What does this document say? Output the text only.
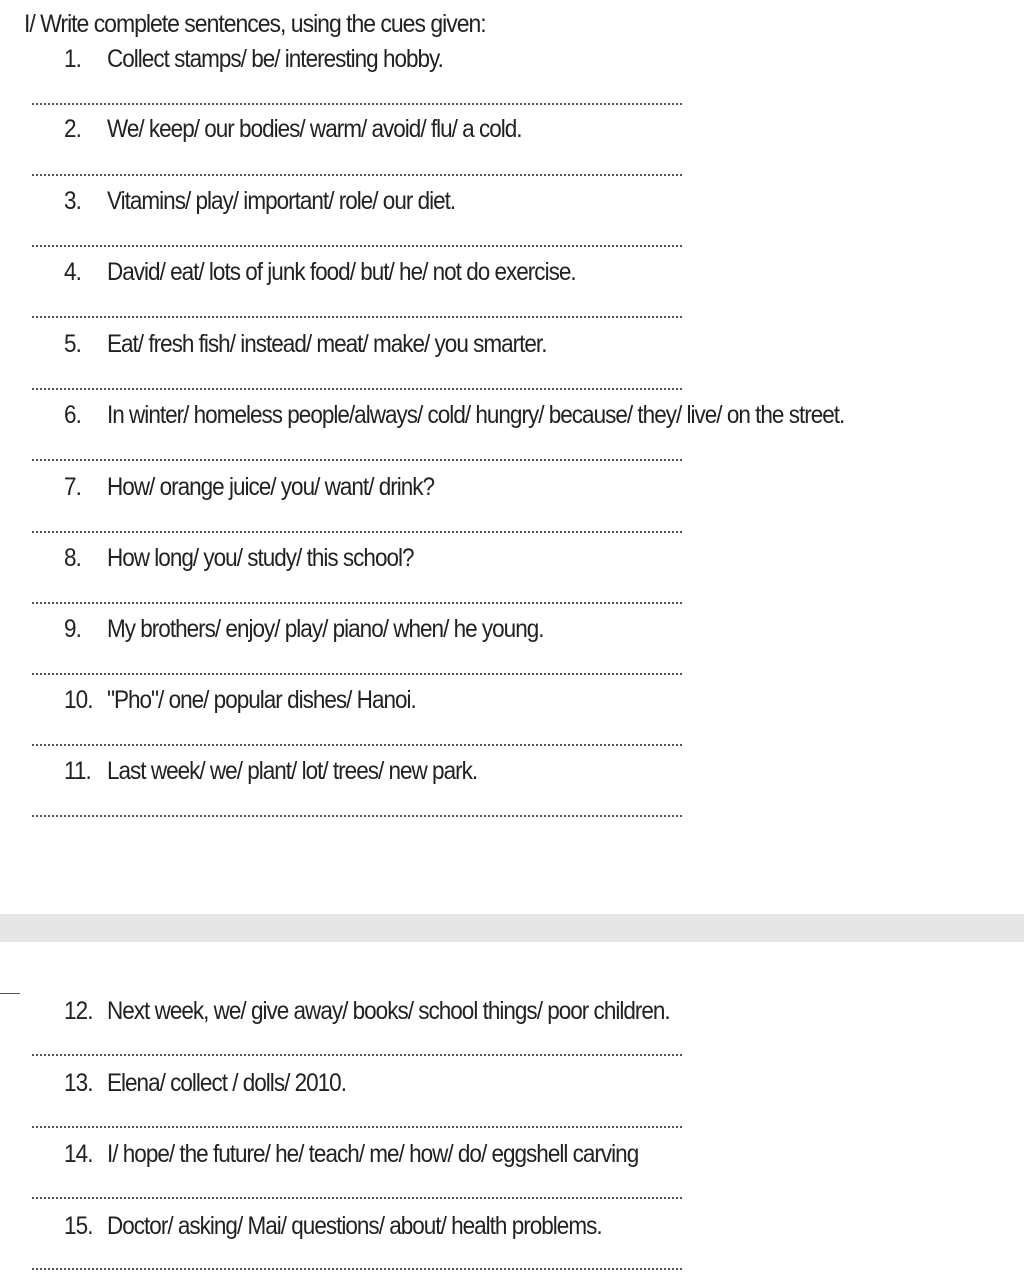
I/ Write complete sentences, using the cues given:
1. Collect stamps/ be/ interesting hobby.
2. We/ keep/ our bodies/ warm/ avoid/ flu/ a cold.
3. Vitamins/ play/ important/ role/ our diet.
4. David/ eat/ lots of junk food/ but/ he/ not do exercise.
5. Eat/ fresh fish/ instead/ meat/ make/ you smarter.
6. In winter/ homeless people/always/ cold/ hungry/ because/ they/ live/ on the street.
7. How/ orange juice/ you/ want/ drink?
8. How long/ you/ study/ this school?
9. My brothers/ enjoy/ play/ piano/ when/ he young.
10. "Pho"/ one/ popular dishes/ Hanoi.
11. Last week/ we/ plant/ lot/ trees/ new park.
12. Next week, we/ give away/ books/ school things/ poor children.
13. Elena/ collect / dolls/ 2010.
14. I/ hope/ the future/ he/ teach/ me/ how/ do/ eggshell carving
15. Doctor/ asking/ Mai/ questions/ about/ health problems.
